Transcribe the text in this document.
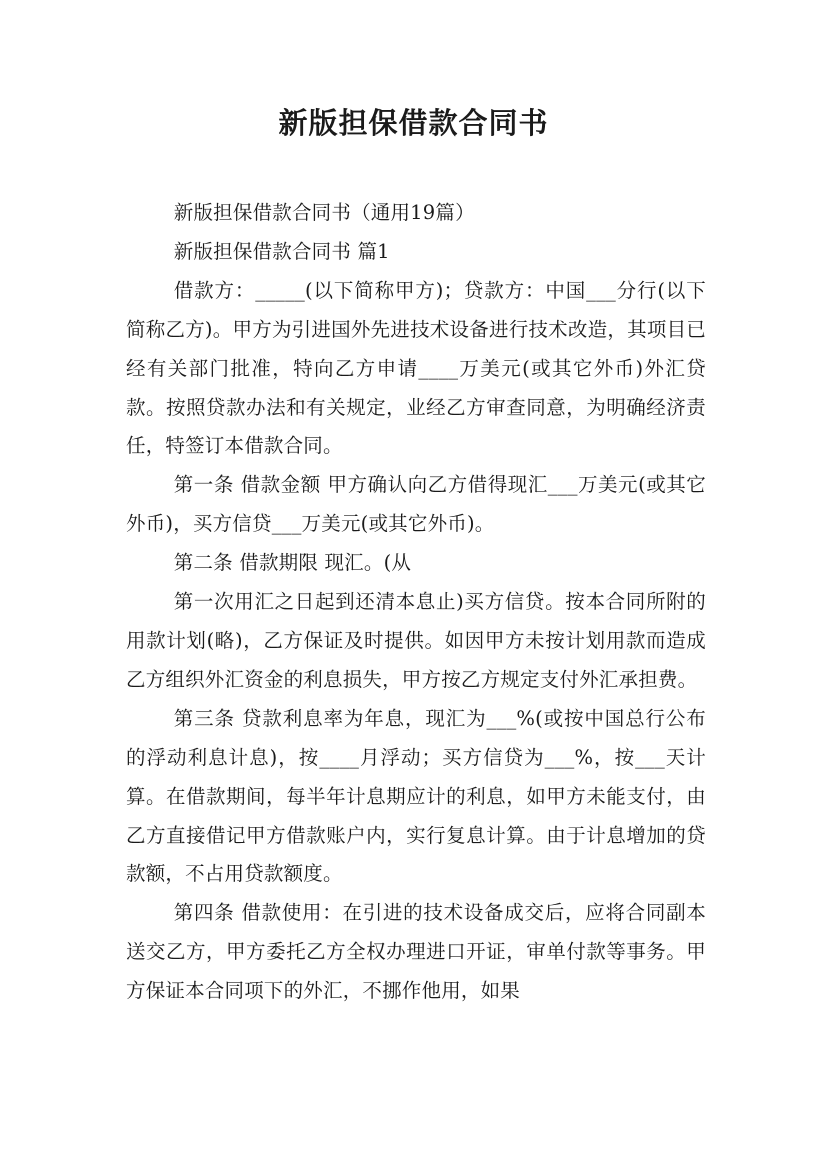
新版担保借款合同书

新版担保借款合同书（通用19篇）

新版担保借款合同书 篇1

借款方：_____(以下简称甲方)；贷款方：中国___分行(以下简称乙方)。甲方为引进国外先进技术设备进行技术改造，其项目已经有关部门批准，特向乙方申请____万美元(或其它外币)外汇贷款。按照贷款办法和有关规定，业经乙方审查同意，为明确经济责任，特签订本借款合同。

第一条 借款金额 甲方确认向乙方借得现汇___万美元(或其它外币)，买方信贷___万美元(或其它外币)。

第二条 借款期限 现汇。(从

第一次用汇之日起到还清本息止)买方信贷。按本合同所附的用款计划(略)，乙方保证及时提供。如因甲方未按计划用款而造成乙方组织外汇资金的利息损失，甲方按乙方规定支付外汇承担费。

第三条 贷款利息率为年息，现汇为___%(或按中国总行公布的浮动利息计息)，按____月浮动；买方信贷为___%，按___天计算。在借款期间，每半年计息期应计的利息，如甲方未能支付，由乙方直接借记甲方借款账户内，实行复息计算。由于计息增加的贷款额，不占用贷款额度。

第四条 借款使用：在引进的技术设备成交后，应将合同副本送交乙方，甲方委托乙方全权办理进口开证，审单付款等事务。甲方保证本合同项下的外汇，不挪作他用，如果
